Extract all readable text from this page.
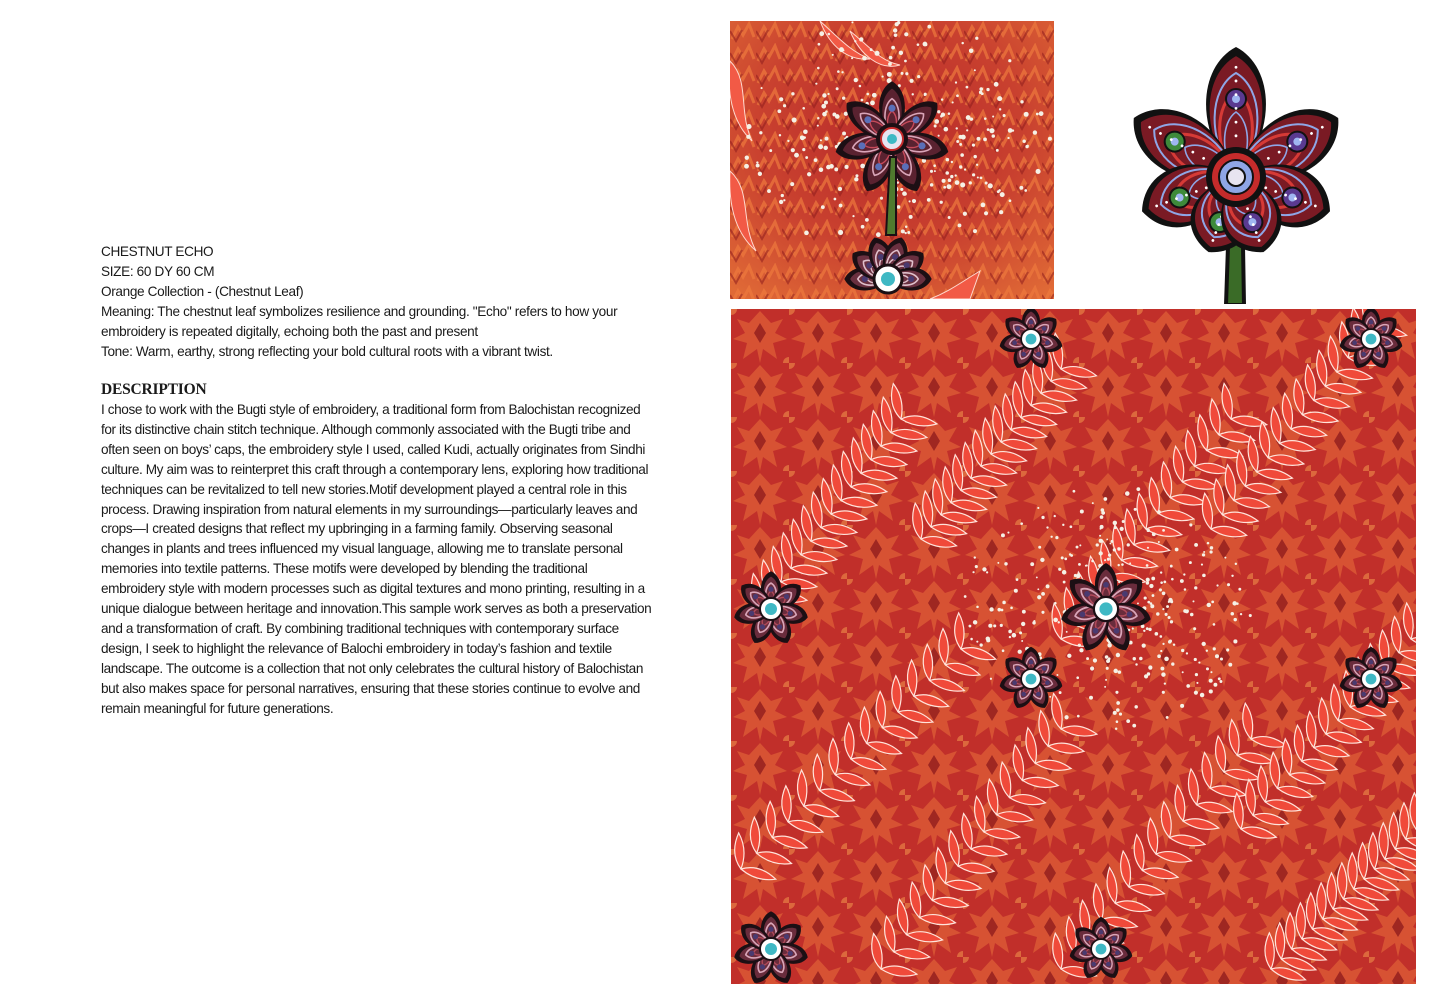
CHESTNUT ECHO

SIZE: 60 DY 60 CM

Orange Collection - (Chestnut Leaf)

Meaning: The chestnut leaf symbolizes resilience and grounding. "Echo" refers to how your embroidery is repeated digitally, echoing both the past and present

Tone: Warm, earthy, strong reflecting your bold cultural roots with a vibrant twist.

DESCRIPTION

I chose to work with the Bugti style of embroidery, a traditional form from Balochistan recognized for its distinctive chain stitch technique. Although commonly associated with the Bugti tribe and often seen on boys’ caps, the embroidery style I used, called Kudi, actually originates from Sindhi culture. My aim was to reinterpret this craft through a contemporary lens, exploring how traditional techniques can be revitalized to tell new stories.Motif development played a central role in this process. Drawing inspiration from natural elements in my surroundings—particularly leaves and crops—I created designs that reflect my upbringing in a farming family. Observing seasonal changes in plants and trees influenced my visual language, allowing me to translate personal memories into textile patterns. These motifs were developed by blending the traditional embroidery style with modern processes such as digital textures and mono printing, resulting in a unique dialogue between heritage and innovation.This sample work serves as both a preservation and a transformation of craft. By combining traditional techniques with contemporary surface design, I seek to highlight the relevance of Balochi embroidery in today’s fashion and textile landscape. The outcome is a collection that not only celebrates the cultural history of Balochistan but also makes space for personal narratives, ensuring that these stories continue to evolve and remain meaningful for future generations.
